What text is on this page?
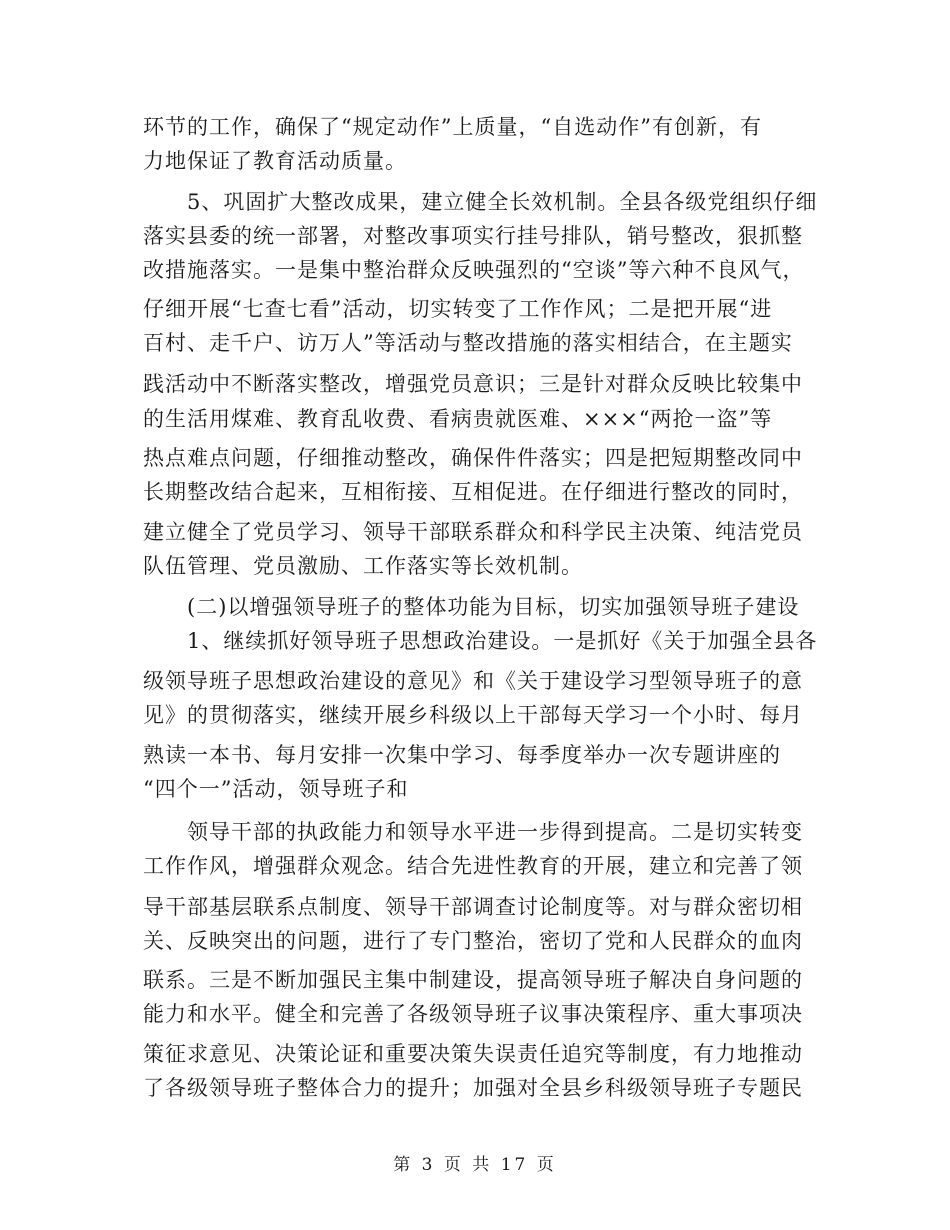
环节的工作，确保了“规定动作”上质量，“自选动作”有创新，有
力地保证了教育活动质量。
　　5、巩固扩大整改成果，建立健全长效机制。全县各级党组织仔细
落实县委的统一部署，对整改事项实行挂号排队，销号整改，狠抓整
改措施落实。一是集中整治群众反映强烈的“空谈”等六种不良风气，
仔细开展“七查七看”活动，切实转变了工作作风；二是把开展“进
百村、走千户、访万人”等活动与整改措施的落实相结合，在主题实
践活动中不断落实整改，增强党员意识；三是针对群众反映比较集中
的生活用煤难、教育乱收费、看病贵就医难、×××“两抢一盗”等
热点难点问题，仔细推动整改，确保件件落实；四是把短期整改同中
长期整改结合起来，互相衔接、互相促进。在仔细进行整改的同时，
建立健全了党员学习、领导干部联系群众和科学民主决策、纯洁党员
队伍管理、党员激励、工作落实等长效机制。
　　(二)以增强领导班子的整体功能为目标，切实加强领导班子建设
　　1、继续抓好领导班子思想政治建设。一是抓好《关于加强全县各
级领导班子思想政治建设的意见》和《关于建设学习型领导班子的意
见》的贯彻落实，继续开展乡科级以上干部每天学习一个小时、每月
熟读一本书、每月安排一次集中学习、每季度举办一次专题讲座的
“四个一”活动，领导班子和
　　领导干部的执政能力和领导水平进一步得到提高。二是切实转变
工作作风，增强群众观念。结合先进性教育的开展，建立和完善了领
导干部基层联系点制度、领导干部调查讨论制度等。对与群众密切相
关、反映突出的问题，进行了专门整治，密切了党和人民群众的血肉
联系。三是不断加强民主集中制建设，提高领导班子解决自身问题的
能力和水平。健全和完善了各级领导班子议事决策程序、重大事项决
策征求意见、决策论证和重要决策失误责任追究等制度，有力地推动
了各级领导班子整体合力的提升；加强对全县乡科级领导班子专题民
第 3 页 共 17 页
